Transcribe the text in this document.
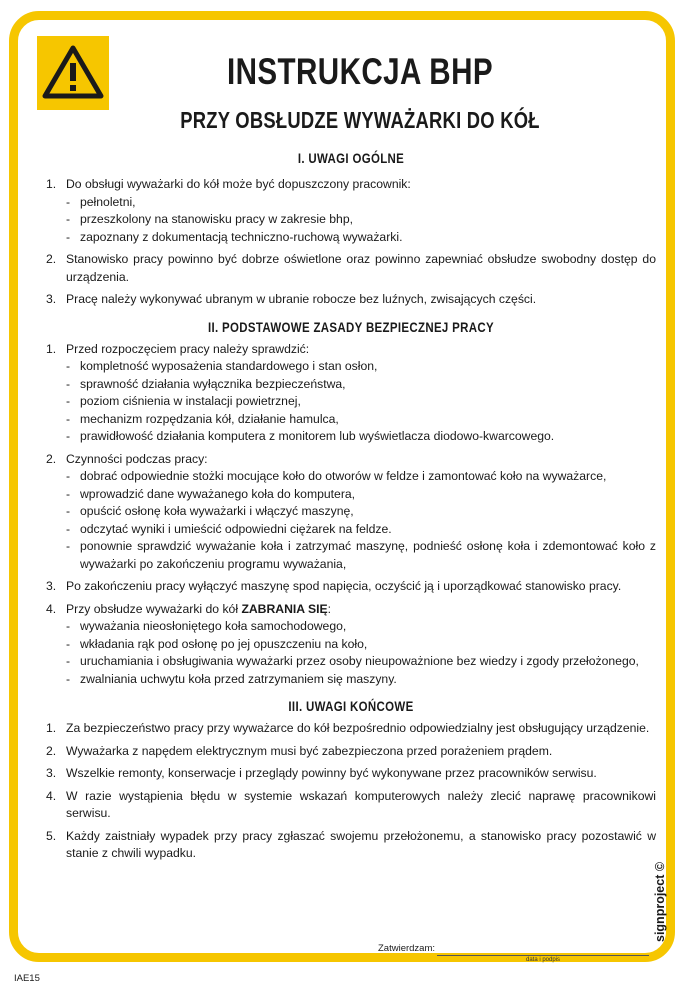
INSTRUKCJA BHP
PRZY OBSŁUDZE WYWAŻARKI DO KÓŁ
I. UWAGI OGÓLNE
1. Do obsługi wyważarki do kół może być dopuszczony pracownik:
- pełnoletni,
- przeszkolony na stanowisku pracy w zakresie bhp,
- zapoznany z dokumentacją techniczno-ruchową wyważarki.
2. Stanowisko pracy powinno być dobrze oświetlone oraz powinno zapewniać obsłudze swobodny dostęp do urządzenia.
3. Pracę należy wykonywać ubranym w ubranie robocze bez luźnych, zwisających części.
II. PODSTAWOWE ZASADY BEZPIECZNEJ PRACY
1. Przed rozpoczęciem pracy należy sprawdzić:
- kompletność wyposażenia standardowego i stan osłon,
- sprawność działania wyłącznika bezpieczeństwa,
- poziom ciśnienia w instalacji powietrznej,
- mechanizm rozpędzania kół, działanie hamulca,
- prawidłowość działania komputera z monitorem lub wyświetlacza diodowo-kwarcowego.
2. Czynności podczas pracy:
- dobrać odpowiednie stożki mocujące koło do otworów w feldze i zamontować koło na wyważarce,
- wprowadzić dane wyważanego koła do komputera,
- opuścić osłonę koła wyważarki i włączyć maszynę,
- odczytać wyniki i umieścić odpowiedni ciężarek na feldze.
- ponownie sprawdzić wyważanie koła i zatrzymać maszynę, podnieść osłonę koła i zdemontować koło z wyważarki po zakończeniu programu wyważania,
3. Po zakończeniu pracy wyłączyć maszynę spod napięcia, oczyścić ją i uporządkować stanowisko pracy.
4. Przy obsłudze wyważarki do kół ZABRANIA SIĘ:
- wyważania nieosłoniętego koła samochodowego,
- wkładania rąk pod osłonę po jej opuszczeniu na koło,
- uruchamiania i obsługiwania wyważarki przez osoby nieupoważnione bez wiedzy i zgody przełożonego,
- zwalniania uchwytu koła przed zatrzymaniem się maszyny.
III. UWAGI KOŃCOWE
1. Za bezpieczeństwo pracy przy wyważarce do kół bezpośrednio odpowiedzialny jest obsługujący urządzenie.
2. Wyważarka z napędem elektrycznym musi być zabezpieczona przed porażeniem prądem.
3. Wszelkie remonty, konserwacje i przeglądy powinny być wykonywane przez pracowników serwisu.
4. W razie wystąpienia błędu w systemie wskazań komputerowych należy zlecić naprawę pracownikowi serwisu.
5. Każdy zaistniały wypadek przy pracy zgłaszać swojemu przełożonemu, a stanowisko pracy pozostawić w stanie z chwili wypadku.
signproject ©
Zatwierdzam:
data i podpis
IAE15
